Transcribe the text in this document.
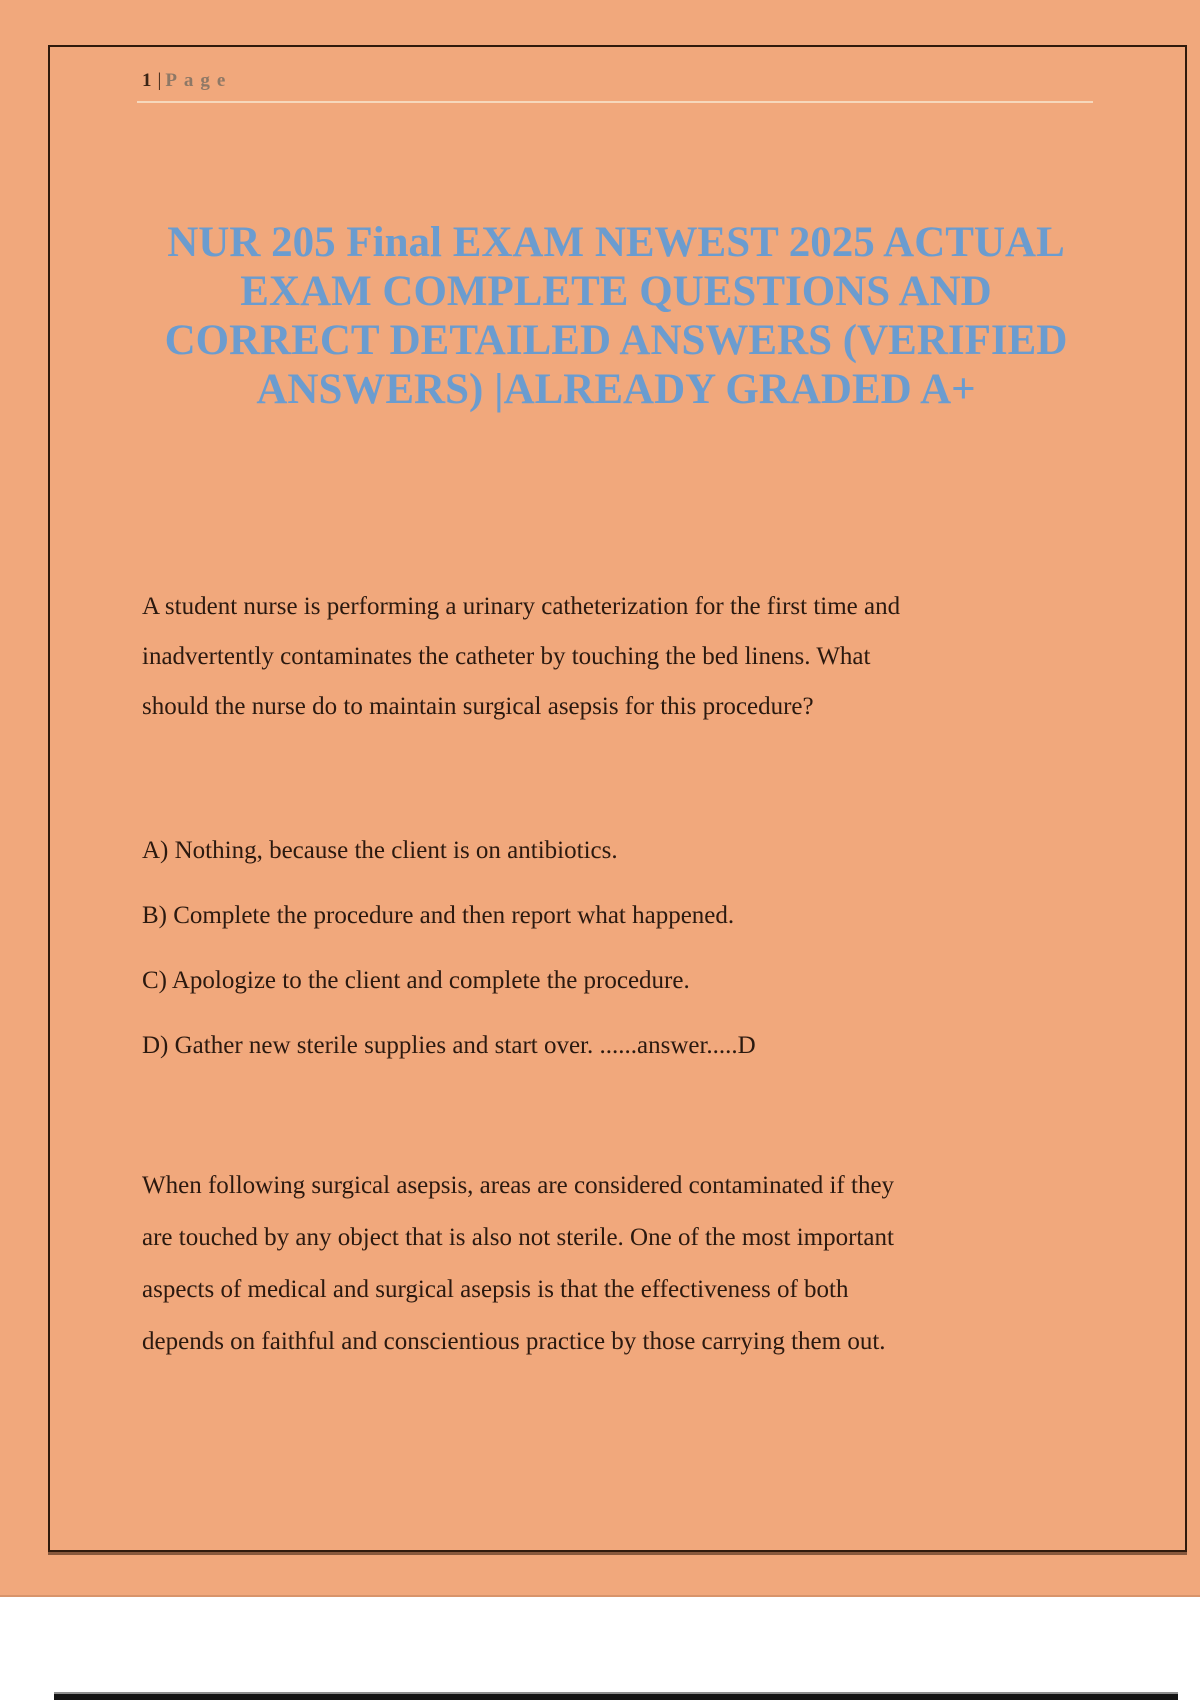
1 | Page
NUR 205 Final EXAM NEWEST 2025 ACTUAL
EXAM COMPLETE QUESTIONS AND
CORRECT DETAILED ANSWERS (VERIFIED
ANSWERS) |ALREADY GRADED A+
A student nurse is performing a urinary catheterization for the first time and
inadvertently contaminates the catheter by touching the bed linens. What
should the nurse do to maintain surgical asepsis for this procedure?
A) Nothing, because the client is on antibiotics.
B) Complete the procedure and then report what happened.
C) Apologize to the client and complete the procedure.
D) Gather new sterile supplies and start over. ......answer.....D
When following surgical asepsis, areas are considered contaminated if they
are touched by any object that is also not sterile. One of the most important
aspects of medical and surgical asepsis is that the effectiveness of both
depends on faithful and conscientious practice by those carrying them out.
